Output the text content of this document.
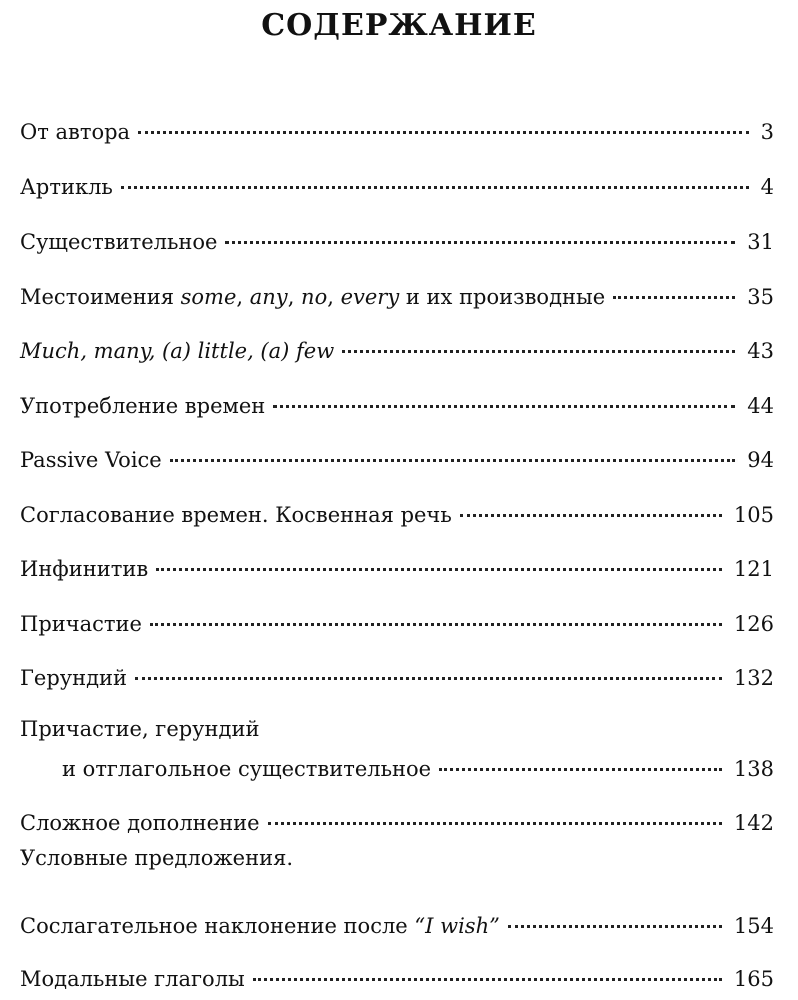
СОДЕРЖАНИЕ
От автора	3
Артикль	4
Существительное	31
Местоимения some, any, no, every и их производные	35
Much, many, (a) little, (a) few	43
Употребление времен	44
Passive Voice	94
Согласование времен. Косвенная речь	105
Инфинитив	121
Причастие	126
Герундий	132
Причастие, герундий
и отглагольное существительное	138
Сложное дополнение	142
Условные предложения.
Сослагательное наклонение после “I wish”	154
Модальные глаголы	165
